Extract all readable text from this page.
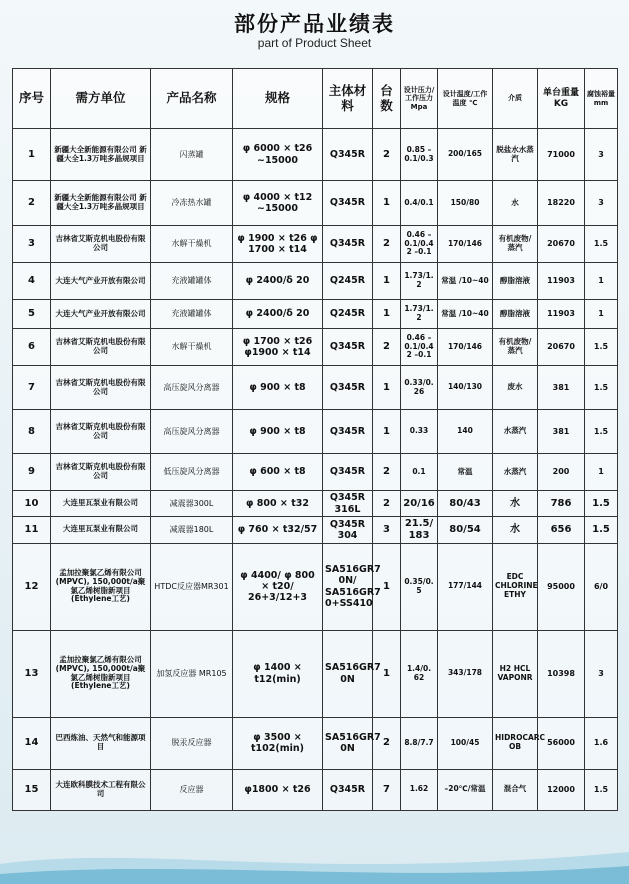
部份产品业绩表
part of Product Sheet
序号	需方单位	产品名称	规格	主体材料	台数	设计压力/工作压力 Mpa	设计温度/工作温度 ℃	介质	单台重量KG	腐蚀裕量 mm
1	新疆大全新能源有限公司 新疆大全1.3万吨多晶规项目	闪蒸罐	φ 6000 × t26 ~15000	Q345R	2	0.85 – 0.1/0.3	200/165	脱盐水水蒸汽	71000	3
2	新疆大全新能源有限公司 新疆大全1.3万吨多晶规项目	冷冻热水罐	φ 4000 × t12 ~15000	Q345R	1	0.4/0.1	150/80	水	18220	3
3	吉林省艾斯克机电股份有限公司	水解干燥机	φ 1900 × t26 φ 1700 × t14	Q345R	2	0.46 – 0.1/0.4 2 –0.1	170/146	有机废物/蒸汽	20670	1.5
4	大连大气产业开放有限公司	充液罐罐体	φ 2400/δ 20	Q245R	1	1.73/1. 2	常温 /10~40	醇脂溶液	11903	1
5	大连大气产业开放有限公司	充液罐罐体	φ 2400/δ 20	Q245R	1	1.73/1. 2	常温 /10~40	醇脂溶液	11903	1
6	吉林省艾斯克机电股份有限公司	水解干燥机	φ 1700 × t26 φ1900 × t14	Q345R	2	0.46 – 0.1/0.4 2 –0.1	170/146	有机废物/蒸汽	20670	1.5
7	吉林省艾斯克机电股份有限公司	高压旋风分离器	φ 900 × t8	Q345R	1	0.33/0. 26	140/130	废水	381	1.5
8	吉林省艾斯克机电股份有限公司	高压旋风分离器	φ 900 × t8	Q345R	1	0.33	140	水蒸汽	381	1.5
9	吉林省艾斯克机电股份有限公司	低压旋风分离器	φ 600 × t8	Q345R	2	0.1	常温	水蒸汽	200	1
10	大连里瓦泵业有限公司	减震器300L	φ 800 × t32	Q345R 316L	2	20/16	80/43	水	786	1.5
11	大连里瓦泵业有限公司	减震器180L	φ 760 × t32/57	Q345R 304	3	21.5/ 183	80/54	水	656	1.5
12	孟加拉聚氯乙烯有限公司(MPVC), 150,000t/a聚氯乙烯树脂新项目(Ethylene工艺)	HTDC反应器MR301	φ 4400/ φ 800 × t20/ 26+3/12+3	SA516GR7 0N/ SA516GR7 0+SS410	1	0.35/0. 5	177/144	EDC CHLORINE ETHY	95000	6/0
13	孟加拉聚氯乙烯有限公司(MPVC), 150,000t/a聚氯乙烯树脂新项目(Ethylene工艺)	加氢反应器 MR105	φ 1400 × t12(min)	SA516GR7 0N	1	1.4/0. 62	343/178	H2 HCL VAPONR	10398	3
14	巴西炼油、天然气和能源项目	脱汞反应器	φ 3500 × t102(min)	SA516GR7 0N	2	8.8/7.7	100/45	HIDROCARC OB	56000	1.6
15	大连欧科膜技术工程有限公司	反应器	φ1800 × t26	Q345R	7	1.62	–20℃/常温	混合气	12000	1.5
